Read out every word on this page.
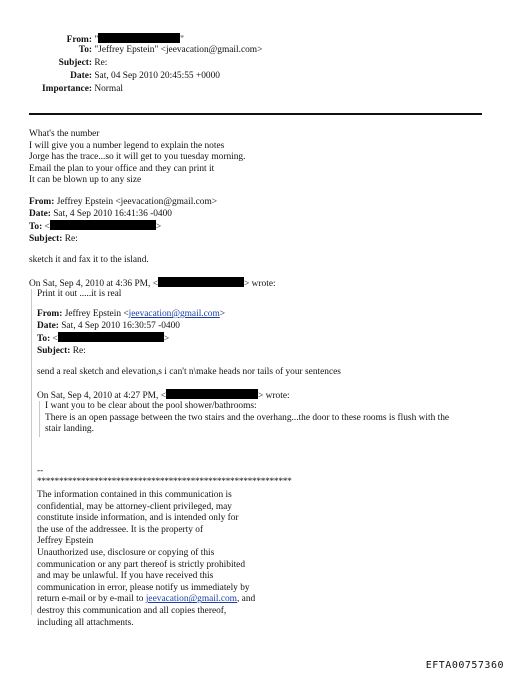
From: "	"
To: "Jeffrey Epstein" <jeevacation@gmail.com>
Subject: Re:
Date: Sat, 04 Sep 2010 20:45:55 +0000
Importance: Normal
What's the number
I will give you a number legend to explain the notes
Jorge has the trace...so it will get to you tuesday morning.
Email the plan to your office and they can print it
It can be blown up to any size
From: Jeffrey Epstein <jeevacation@gmail.com>
Date: Sat, 4 Sep 2010 16:41:36 -0400
To: <	>
Subject: Re:
sketch it and fax it to the island.
On Sat, Sep 4, 2010 at 4:36 PM, <	> wrote:
Print it out .....it is real
From: Jeffrey Epstein <jeevacation@gmail.com>
Date: Sat, 4 Sep 2010 16:30:57 -0400
To: <	>
Subject: Re:
send a real sketch and elevation,s i can't n\make heads nor tails of your sentences
On Sat, Sep 4, 2010 at 4:27 PM, <	> wrote:
I want you to be clear about the pool shower/bathrooms:
There is an open passage between the two stairs and the overhang...the door to these rooms is flush with the
stair landing.
--
**********************************************************
The information contained in this communication is
confidential, may be attorney-client privileged, may
constitute inside information, and is intended only for
the use of the addressee. It is the property of
Jeffrey Epstein
Unauthorized use, disclosure or copying of this
communication or any part thereof is strictly prohibited
and may be unlawful. If you have received this
communication in error, please notify us immediately by
return e-mail or by e-mail to jeevacation@gmail.com, and
destroy this communication and all copies thereof,
including all attachments.
EFTA00757360
